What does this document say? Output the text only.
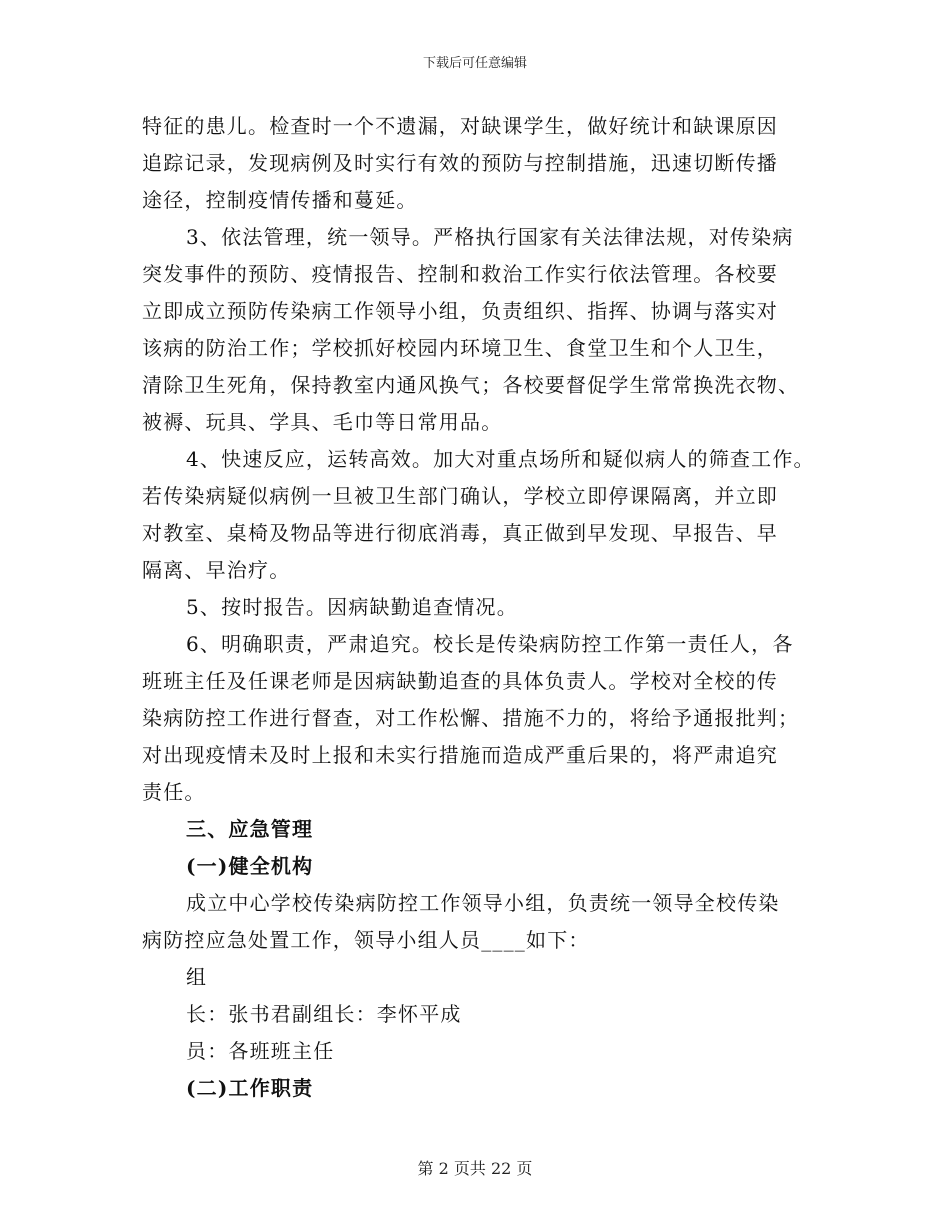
下载后可任意编辑
特征的患儿。检查时一个不遗漏，对缺课学生，做好统计和缺课原因
追踪记录，发现病例及时实行有效的预防与控制措施，迅速切断传播
途径，控制疫情传播和蔓延。
3、依法管理，统一领导。严格执行国家有关法律法规，对传染病
突发事件的预防、疫情报告、控制和救治工作实行依法管理。各校要
立即成立预防传染病工作领导小组，负责组织、指挥、协调与落实对
该病的防治工作；学校抓好校园内环境卫生、食堂卫生和个人卫生，
清除卫生死角，保持教室内通风换气；各校要督促学生常常换洗衣物、
被褥、玩具、学具、毛巾等日常用品。
4、快速反应，运转高效。加大对重点场所和疑似病人的筛查工作。
若传染病疑似病例一旦被卫生部门确认，学校立即停课隔离，并立即
对教室、桌椅及物品等进行彻底消毒，真正做到早发现、早报告、早
隔离、早治疗。
5、按时报告。因病缺勤追查情况。
6、明确职责，严肃追究。校长是传染病防控工作第一责任人，各
班班主任及任课老师是因病缺勤追查的具体负责人。学校对全校的传
染病防控工作进行督查，对工作松懈、措施不力的，将给予通报批判；
对出现疫情未及时上报和未实行措施而造成严重后果的，将严肃追究
责任。
三、应急管理
(一)健全机构
成立中心学校传染病防控工作领导小组，负责统一领导全校传染
病防控应急处置工作，领导小组人员____如下：
组
长：张书君副组长：李怀平成
员：各班班主任
(二)工作职责
第 2 页共 22 页
